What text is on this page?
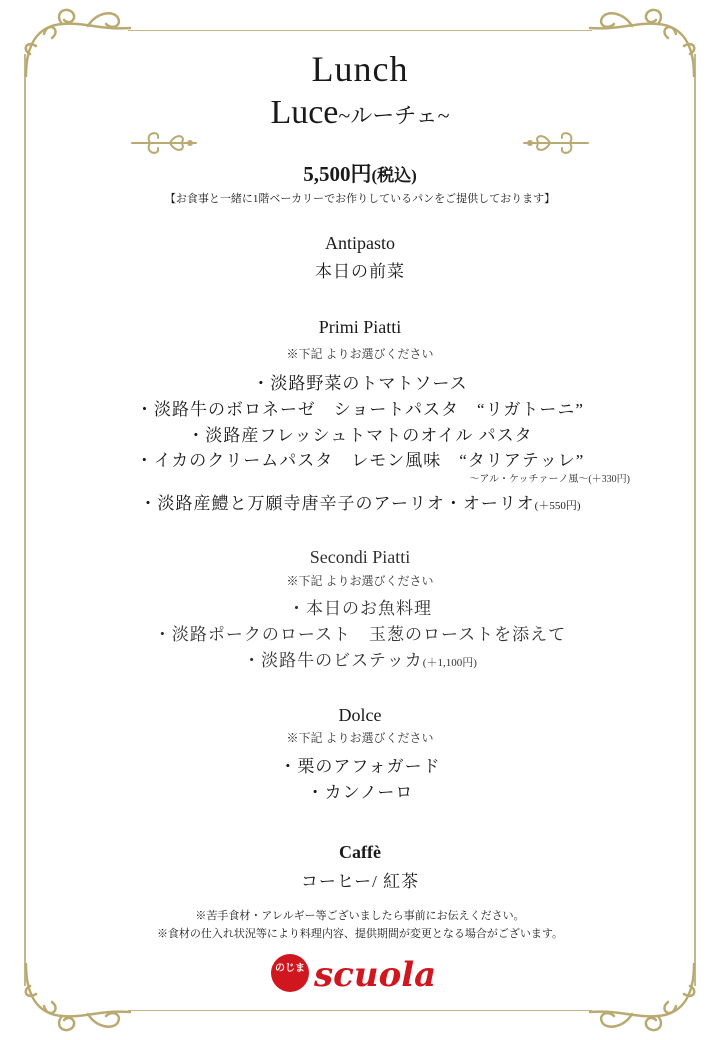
Lunch
Luce~ルーチェ~
5,500円(税込)
【お食事と一緒に1階ベーカリーでお作りしているパンをご提供しております】
Antipasto
本日の前菜
Primi Piatti
※下記 よりお選びください
・淡路野菜のトマトソース
・淡路牛のボロネーゼ　ショートパスタ　“リガトーニ”
・淡路産フレッシュトマトのオイル パスタ
・イカのクリームパスタ　レモン風味　“タリアテッレ”
～アル・ケッチァーノ風～(＋330円)
・淡路産鱧と万願寺唐辛子のアーリオ・オーリオ(＋550円)
Secondi Piatti
※下記 よりお選びください
・本日のお魚料理
・淡路ポークのロースト　玉葱のローストを添えて
・淡路牛のビステッカ(＋1,100円)
Dolce
※下記 よりお選びください
・栗のアフォガード
・カンノーロ
Caffè
コーヒー/ 紅茶
※苦手食材・アレルギー等ございましたら事前にお伝えください。
※食材の仕入れ状況等により料理内容、提供期間が変更となる場合がございます。
のじま scuola
